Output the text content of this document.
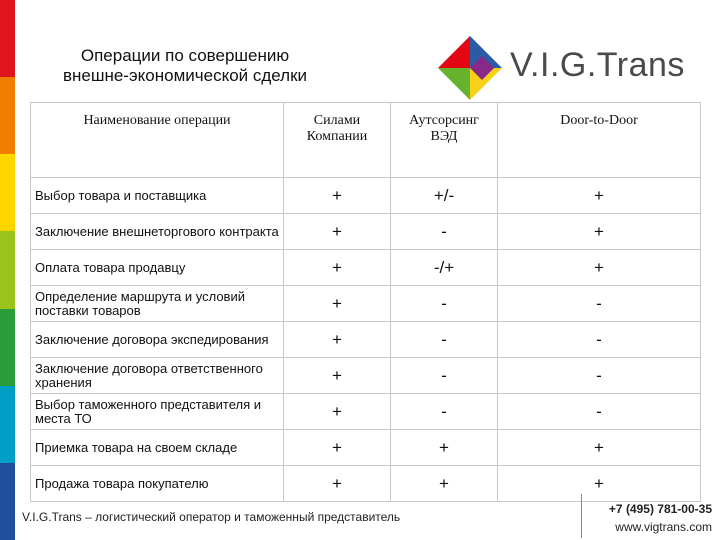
Операции по совершению
внешне-экономической сделки	V.I.G.Trans
Наименование операции	Силами Компании	Аутсорсинг ВЭД	Door-to-Door
Выбор товара и поставщика	+	+/-	+
Заключение внешнеторгового контракта	+	-	+
Оплата товара продавцу	+	-/+	+
Определение маршрута и условий поставки товаров	+	-	-
Заключение договора экспедирования	+	-	-
Заключение договора ответственного хранения	+	-	-
Выбор таможенного представителя и места ТО	+	-	-
Приемка товара на своем складе	+	+	+
Продажа товара покупателю	+	+	+
V.I.G.Trans – логистический оператор и таможенный представитель
+7 (495) 781-00-35
www.vigtrans.com
